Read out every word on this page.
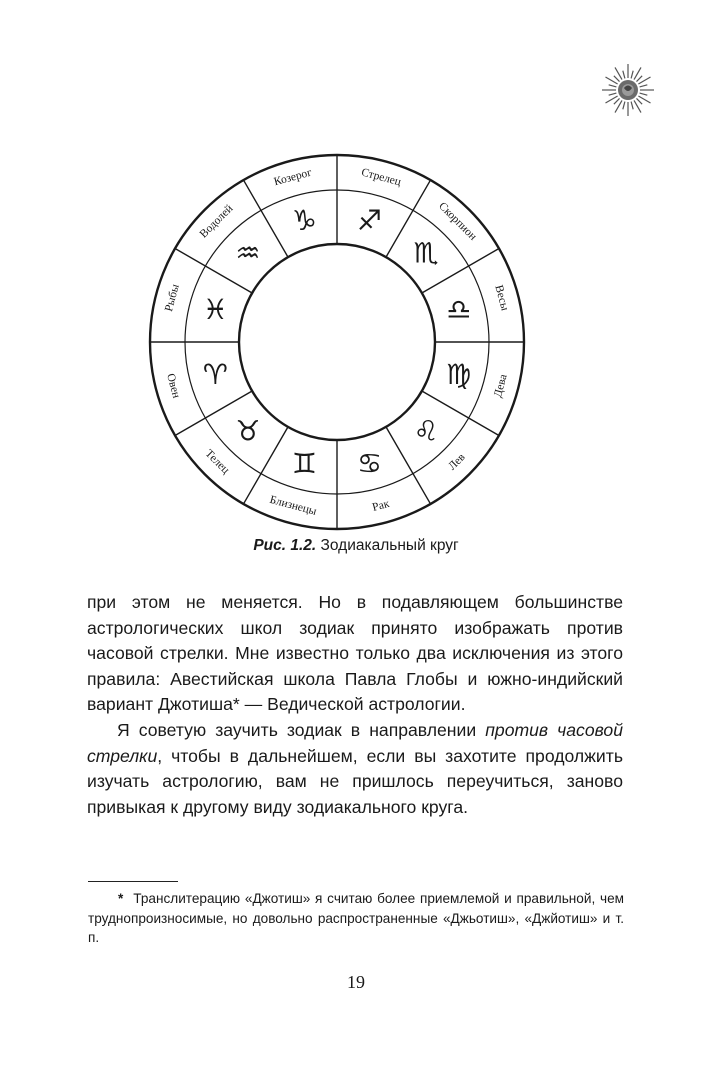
Козерог
♑
Стрелец
♐	Скорпион
♏
Весы
♎
Дева
♍
Лев
♌
Рак
♋
Близнецы
♊
Телец
♉
Овен ♈
Рыбы ♓
Водолей
♒
Рис. 1.2. Зодиакальный круг

при этом не меняется. Но в подавляющем большинстве астрологических школ зодиак принято изображать против часовой стрелки. Мне известно только два исключения из этого правила: Авестийская школа Павла Глобы и южно-индийский вариант Джотиша* — Ведической астрологии.

Я советую заучить зодиак в направлении против часовой стрелки, чтобы в дальнейшем, если вы захотите продолжить изучать астрологию, вам не пришлось переучиться, заново привыкая к другому виду зодиакального круга.

* Транслитерацию «Джотиш» я считаю более приемлемой и правильной, чем труднопроизносимые, но довольно распространенные «Джьотиш», «Джйотиш» и т. п.
19
